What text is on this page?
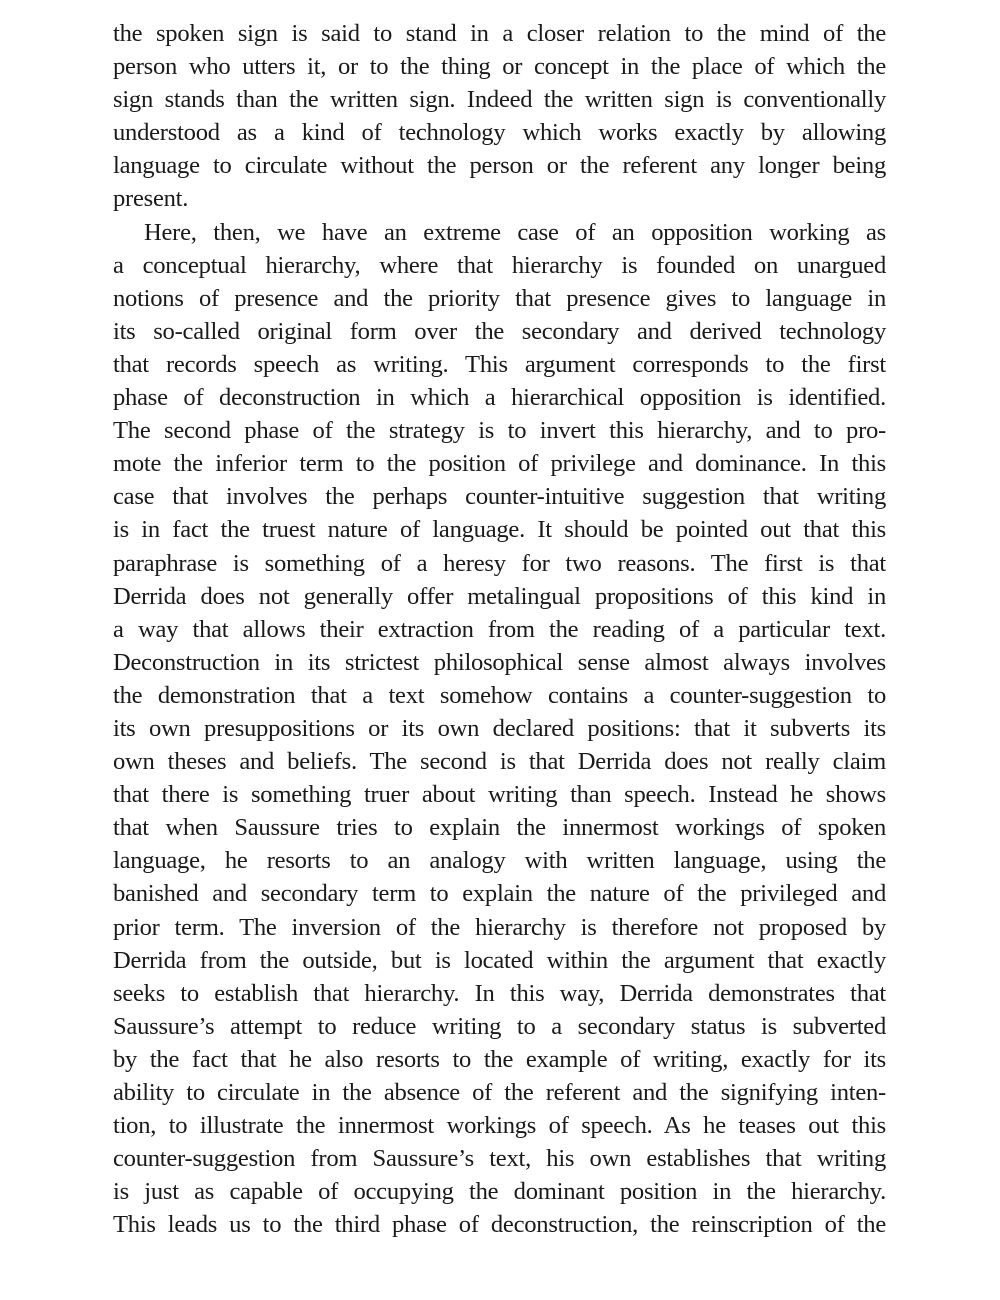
the spoken sign is said to stand in a closer relation to the mind of the
person who utters it, or to the thing or concept in the place of which the
sign stands than the written sign. Indeed the written sign is conventionally
understood as a kind of technology which works exactly by allowing
language to circulate without the person or the referent any longer being
present.
Here, then, we have an extreme case of an opposition working as
a conceptual hierarchy, where that hierarchy is founded on unargued
notions of presence and the priority that presence gives to language in
its so-called original form over the secondary and derived technology
that records speech as writing. This argument corresponds to the first
phase of deconstruction in which a hierarchical opposition is identified.
The second phase of the strategy is to invert this hierarchy, and to pro-
mote the inferior term to the position of privilege and dominance. In this
case that involves the perhaps counter-intuitive suggestion that writing
is in fact the truest nature of language. It should be pointed out that this
paraphrase is something of a heresy for two reasons. The first is that
Derrida does not generally offer metalingual propositions of this kind in
a way that allows their extraction from the reading of a particular text.
Deconstruction in its strictest philosophical sense almost always involves
the demonstration that a text somehow contains a counter-suggestion to
its own presuppositions or its own declared positions: that it subverts its
own theses and beliefs. The second is that Derrida does not really claim
that there is something truer about writing than speech. Instead he shows
that when Saussure tries to explain the innermost workings of spoken
language, he resorts to an analogy with written language, using the
banished and secondary term to explain the nature of the privileged and
prior term. The inversion of the hierarchy is therefore not proposed by
Derrida from the outside, but is located within the argument that exactly
seeks to establish that hierarchy. In this way, Derrida demonstrates that
Saussure’s attempt to reduce writing to a secondary status is subverted
by the fact that he also resorts to the example of writing, exactly for its
ability to circulate in the absence of the referent and the signifying inten-
tion, to illustrate the innermost workings of speech. As he teases out this
counter-suggestion from Saussure’s text, his own establishes that writing
is just as capable of occupying the dominant position in the hierarchy.
This leads us to the third phase of deconstruction, the reinscription of the
